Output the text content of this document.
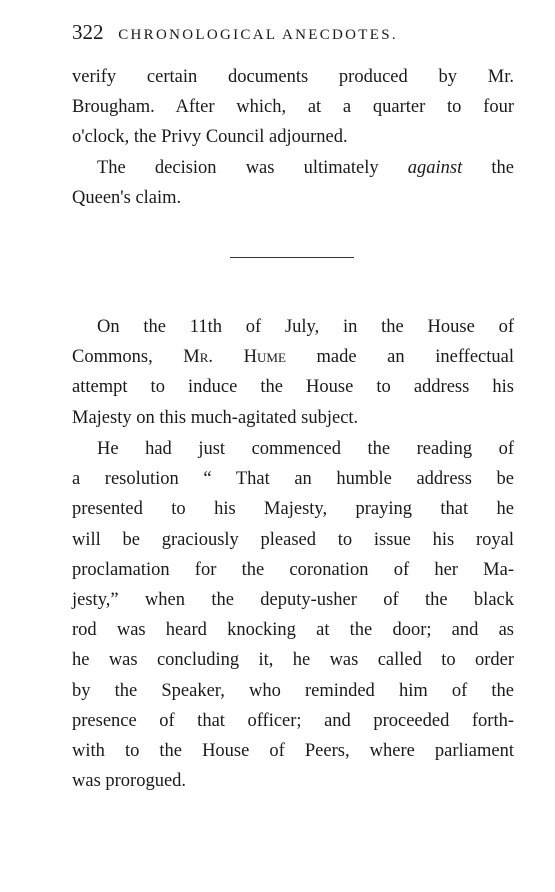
322 CHRONOLOGICAL ANECDOTES.
verify certain documents produced by Mr.
Brougham. After which, at a quarter to four
o'clock, the Privy Council adjourned.
The decision was ultimately against the
Queen's claim.
On the 11th of July, in the House of
Commons, Mr. Hume made an ineffectual
attempt to induce the House to address his
Majesty on this much-agitated subject.
He had just commenced the reading of
a resolution “ That an humble address be
presented to his Majesty, praying that he
will be graciously pleased to issue his royal
proclamation for the coronation of her Ma-
jesty,” when the deputy-usher of the black
rod was heard knocking at the door; and as
he was concluding it, he was called to order
by the Speaker, who reminded him of the
presence of that officer; and proceeded forth-
with to the House of Peers, where parliament
was prorogued.
